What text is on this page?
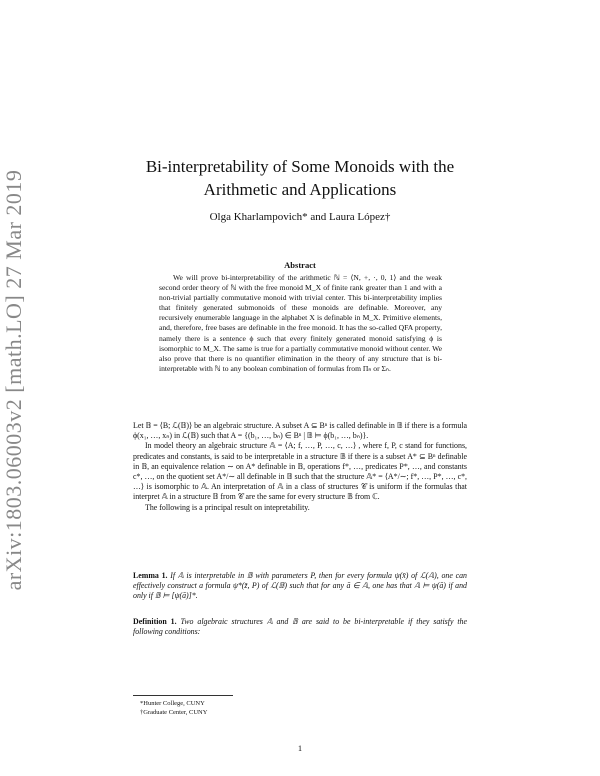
arXiv:1803.06003v2 [math.LO] 27 Mar 2019
Bi-interpretability of Some Monoids with the
Arithmetic and Applications
Olga Kharlampovich* and Laura López†
Abstract
We will prove bi-interpretability of the arithmetic ℕ = ⟨N, +, ·, 0, 1⟩ and the weak second order theory of ℕ with the free monoid M_X of finite rank greater than 1 and with a non-trivial partially commutative monoid with trivial center. This bi-interpretability implies that finitely generated submonoids of these monoids are definable. Moreover, any recursively enumerable language in the alphabet X is definable in M_X. Primitive elements, and, therefore, free bases are definable in the free monoid. It has the so-called QFA property, namely there is a sentence ϕ such that every finitely generated monoid satisfying ϕ is isomorphic to M_X. The same is true for a partially commutative monoid without center. We also prove that there is no quantifier elimination in the theory of any structure that is bi-interpretable with ℕ to any boolean combination of formulas from Πₙ or Σₙ.

Let 𝔹 = ⟨B; ℒ(𝔹)⟩ be an algebraic structure. A subset A ⊆ Bⁿ is called definable in 𝔹 if there is a formula ϕ(x₁, …, xₙ) in ℒ(𝔹) such that A = {(b₁, …, bₙ) ∈ Bⁿ | 𝔹 ⊨ ϕ(b₁, …, bₙ)}.

In model theory an algebraic structure 𝔸 = ⟨A; f, …, P, …, c, …⟩ , where f, P, c stand for functions, predicates and constants, is said to be interpretable in a structure 𝔹 if there is a subset A* ⊆ Bⁿ definable in 𝔹, an equivalence relation ∼ on A* definable in 𝔹, operations f*, …, predicates P*, …, and constants c*, …, on the quotient set A*/∼ all definable in 𝔹 such that the structure 𝔸* = ⟨A*/∼; f*, …, P*, …, c*, …⟩ is isomorphic to 𝔸. An interpretation of 𝔸 in a class of structures 𝒞 is uniform if the formulas that interpret 𝔸 in a structure 𝔹 from 𝒞 are the same for every structure 𝔹 from ℂ.

The following is a principal result on intepretability.

Lemma 1. If 𝔸 is interpretable in 𝔹 with parameters P, then for every formula ψ(x̄) of ℒ(𝔸), one can effectively construct a formula ψ*(z̄, P) of ℒ(𝔹) such that for any ā ∈ 𝔸, one has that 𝔸 ⊨ ψ(ā) if and only if 𝔹 ⊨ [ψ(ā)]*.

Definition 1. Two algebraic structures 𝔸 and 𝔹 are said to be bi-interpretable if they satisfy the following conditions:

*Hunter College, CUNY
†Graduate Center, CUNY
1
